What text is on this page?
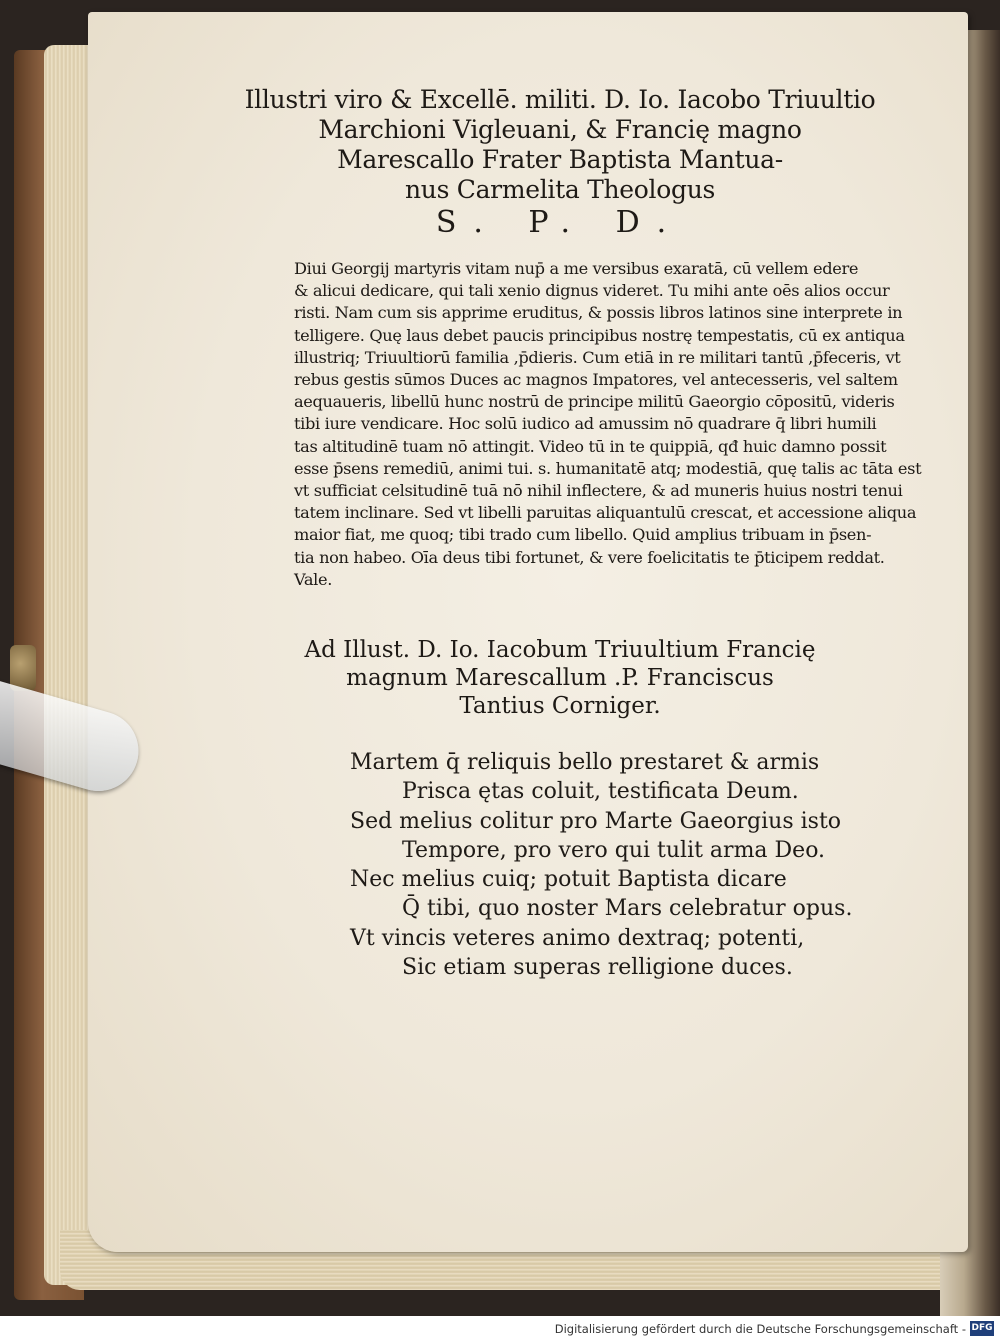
Illustri viro & Excellē. militi. D. Io. Iacobo Triuultio
Marchioni Vigleuani, & Francię magno
Marescallo Frater Baptista Mantua-
nus Carmelita Theologus
S. P. D.
Diui Georgij martyris vitam nup̄ a me versibus exaratā, cū vellem edere
& alicui dedicare, qui tali xenio dignus videret. Tu mihi ante oēs alios occur
risti. Nam cum sis apprime eruditus, & possis libros latinos sine interprete in
telligere. Quę laus debet paucis principibus nostrę tempestatis, cū ex antiqua
illustriq; Triuultiorū familia ,p̄dieris. Cum etiā in re militari tantū ,p̄feceris, vt
rebus gestis sūmos Duces ac magnos Impatores, vel antecesseris, vel saltem
aequaueris, libellū hunc nostrū de principe militū Gaeorgio cōpositū, videris
tibi iure vendicare. Hoc solū iudico ad amussim nō quadrare q̄ libri humili
tas altitudinē tuam nō attingit. Video tū in te quippiā, qđ huic damno possit
esse p̄sens remediū, animi tui. s. humanitatē atq; modestiā, quę talis ac tāta est
vt sufficiat celsitudinē tuā nō nihil inflectere, & ad muneris huius nostri tenui
tatem inclinare. Sed vt libelli paruitas aliquantulū crescat, et accessione aliqua
maior fiat, me quoq; tibi trado cum libello. Quid amplius tribuam in p̄sen-
tia non habeo. Oīa deus tibi fortunet, & vere foelicitatis te p̄ticipem reddat.
Vale.
Ad Illust. D. Io. Iacobum Triuultium Francię
magnum Marescallum .P. Franciscus
Tantius Corniger.
Martem q̄ reliquis bello prestaret & armis
Prisca ętas coluit, testificata Deum.
Sed melius colitur pro Marte Gaeorgius isto
Tempore, pro vero qui tulit arma Deo.
Nec melius cuiq; potuit Baptista dicare
Q̄ tibi, quo noster Mars celebratur opus.
Vt vincis veteres animo dextraq; potenti,
Sic etiam superas relligione duces.
Digitalisierung gefördert durch die Deutsche Forschungsgemeinschaft - DFG
